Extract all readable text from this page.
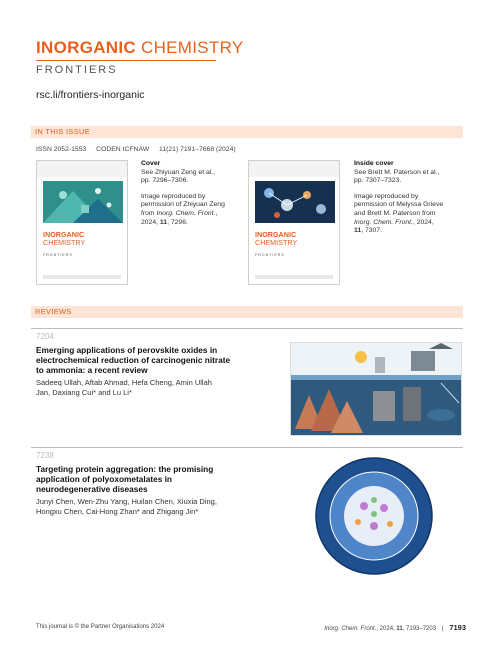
INORGANIC CHEMISTRY
FRONTIERS
rsc.li/frontiers-inorganic
IN THIS ISSUE
ISSN 2052-1553 CODEN ICFNAW 11(21) 7191–7668 (2024)
INORGANIC
CHEMISTRY
FRONTIERS
Cover
See Zhiyuan Zeng et al.,
pp. 7296–7306.
Image reproduced by
permission of Zhiyuan Zeng
from Inorg. Chem. Front.,
2024, 11, 7296.
INORGANIC
CHEMISTRY
FRONTIERS
Inside cover
See Brett M. Paterson et al.,
pp. 7307–7323.
Image reproduced by
permission of Melyssa Grieve
and Brett M. Paterson from
Inorg. Chem. Front., 2024,
11, 7307.
REVIEWS
7204
Emerging applications of perovskite oxides in
electrochemical reduction of carcinogenic nitrate
to ammonia: a recent review
Sadeeq Ullah, Aftab Ahmad, Hefa Cheng, Amin Ullah
Jan, Daxiang Cui* and Lu Li*
7238
Targeting protein aggregation: the promising
application of polyoxometalates in
neurodegenerative diseases
Junyi Chen, Wen-Zhu Yang, Huilan Chen, Xiuxia Ding,
Hongxu Chen, Cai-Hong Zhan* and Zhigang Jin*
This journal is © the Partner Organisations 2024	Inorg. Chem. Front., 2024, 11, 7193–7203 | 7193
